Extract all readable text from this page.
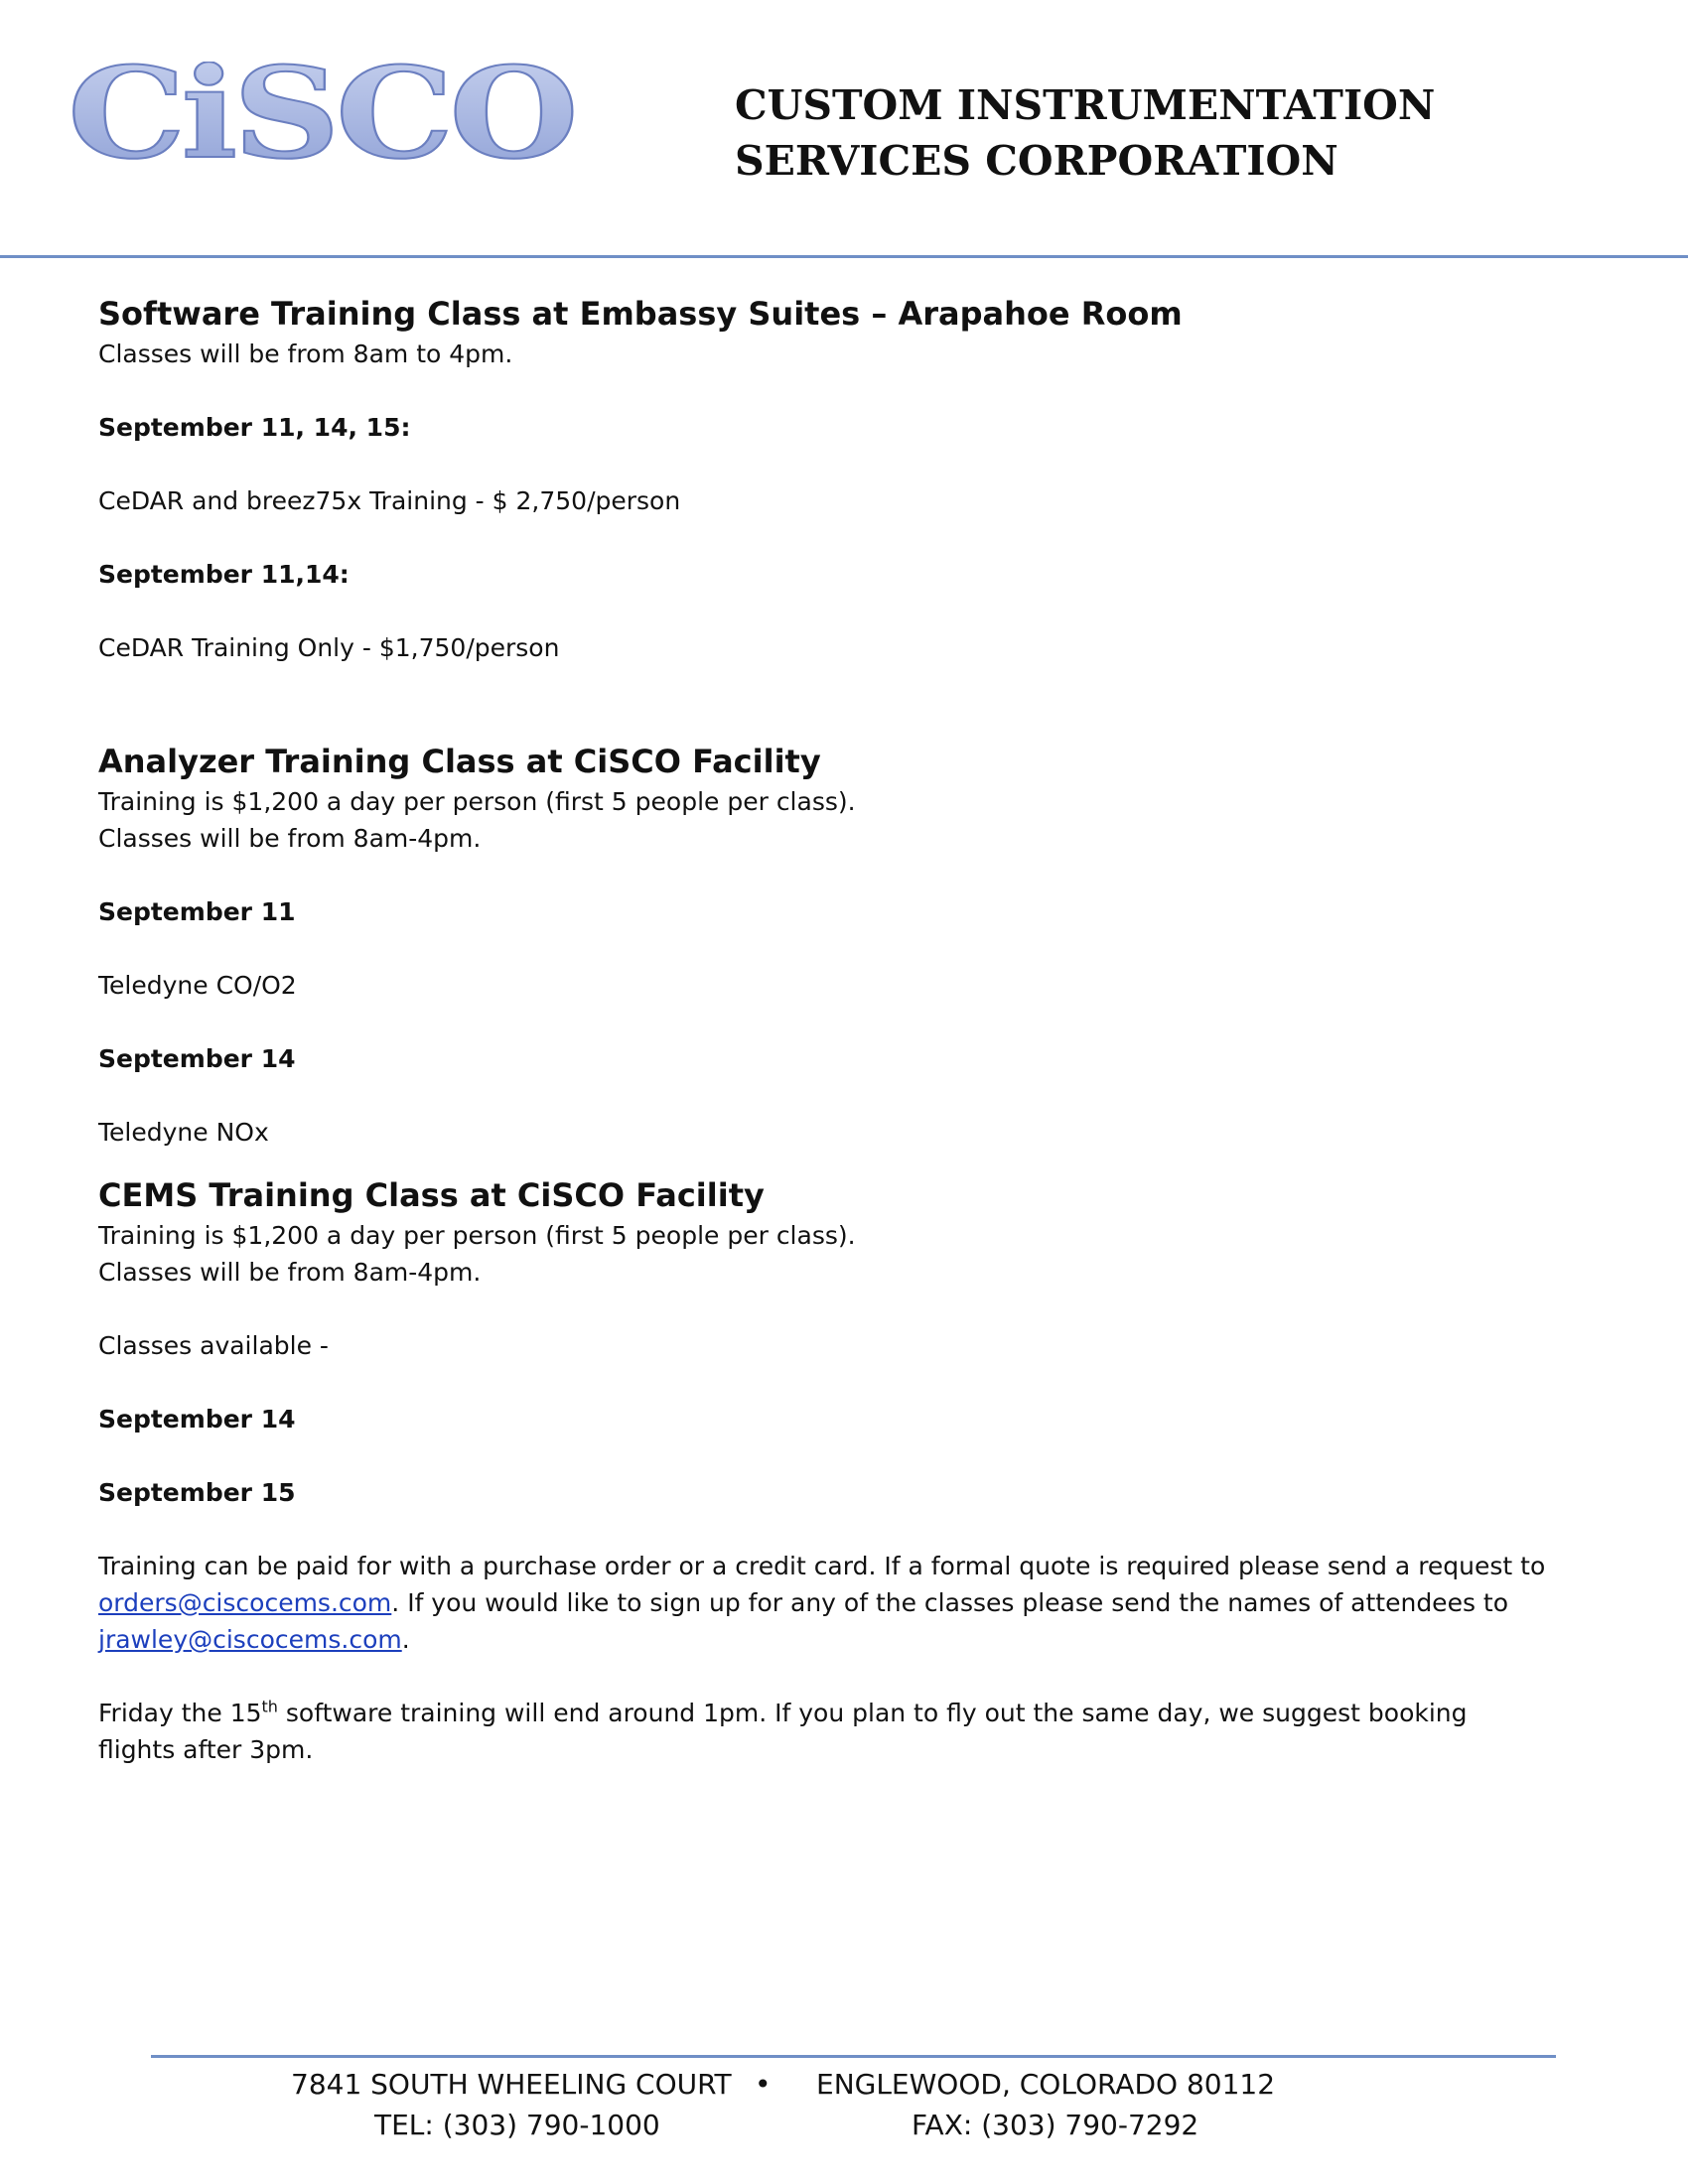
CiSCO	CUSTOM INSTRUMENTATION
SERVICES CORPORATION
Software Training Class at Embassy Suites – Arapahoe Room

Classes will be from 8am to 4pm.

September 11, 14, 15:

CeDAR and breez75x Training - $ 2,750/person

September 11,14:

CeDAR Training Only - $1,750/person

Analyzer Training Class at CiSCO Facility

Training is $1,200 a day per person (first 5 people per class).

Classes will be from 8am-4pm.

September 11

Teledyne CO/O2

September 14

Teledyne NOx

CEMS Training Class at CiSCO Facility

Training is $1,200 a day per person (first 5 people per class).

Classes will be from 8am-4pm.

Classes available -

September 14

September 15

Training can be paid for with a purchase order or a credit card. If a formal quote is required please send a request to orders@ciscocems.com. If you would like to sign up for any of the classes please send the names of attendees to jrawley@ciscocems.com.

Friday the 15th software training will end around 1pm. If you plan to fly out the same day, we suggest booking flights after 3pm.

7841 SOUTH WHEELING COURT • ENGLEWOOD, COLORADO 80112
TEL: (303) 790-1000	FAX: (303) 790-7292
